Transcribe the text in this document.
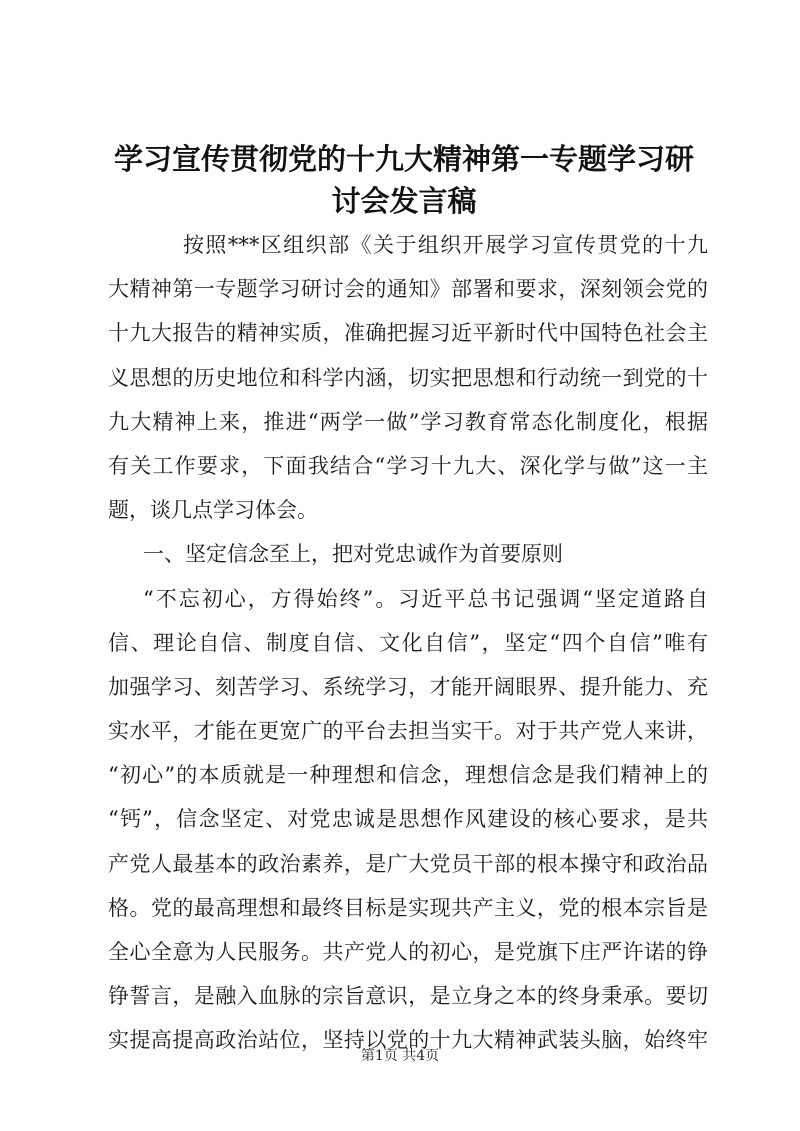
学习宣传贯彻党的十九大精神第一专题学习研
讨会发言稿
按照***区组织部《关于组织开展学习宣传贯党的十九
大精神第一专题学习研讨会的通知》部署和要求，深刻领会党的
十九大报告的精神实质，准确把握习近平新时代中国特色社会主
义思想的历史地位和科学内涵，切实把思想和行动统一到党的十
九大精神上来，推进“两学一做”学习教育常态化制度化，根据
有关工作要求，下面我结合“学习十九大、深化学与做”这一主
题，谈几点学习体会。
一、坚定信念至上，把对党忠诚作为首要原则
“不忘初心，方得始终”。习近平总书记强调“坚定道路自
信、理论自信、制度自信、文化自信”，坚定“四个自信”唯有
加强学习、刻苦学习、系统学习，才能开阔眼界、提升能力、充
实水平，才能在更宽广的平台去担当实干。对于共产党人来讲，
“初心”的本质就是一种理想和信念，理想信念是我们精神上的
“钙”，信念坚定、对党忠诚是思想作风建设的核心要求，是共
产党人最基本的政治素养，是广大党员干部的根本操守和政治品
格。党的最高理想和最终目标是实现共产主义，党的根本宗旨是
全心全意为人民服务。共产党人的初心，是党旗下庄严许诺的铮
铮誓言，是融入血脉的宗旨意识，是立身之本的终身秉承。要切
实提高提高政治站位，坚持以党的十九大精神武装头脑，始终牢
第1页 共4页
